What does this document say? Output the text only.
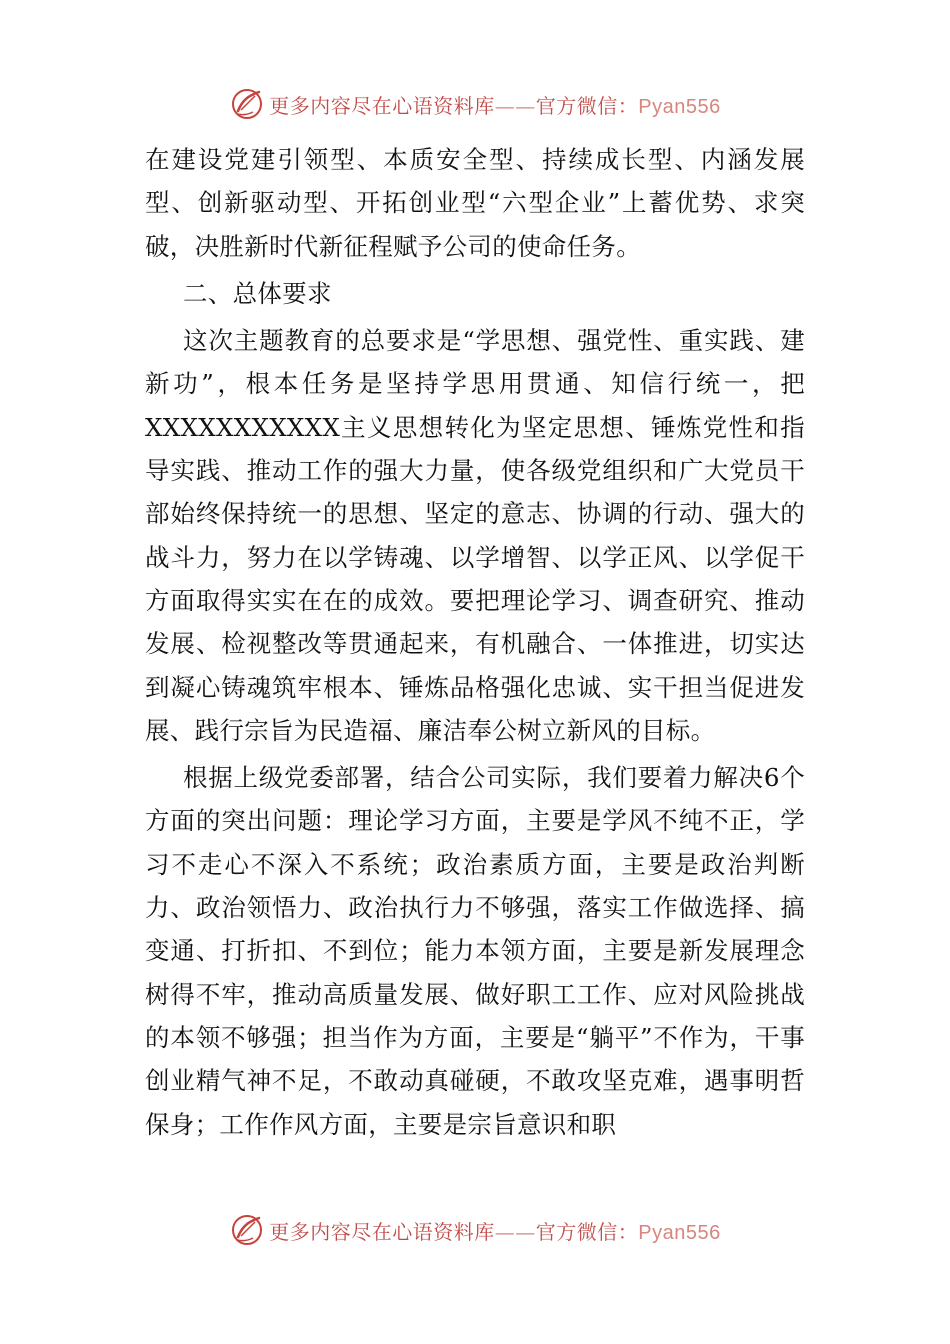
更多内容尽在心语资料库——官方微信：Pyan556

在建设党建引领型、本质安全型、持续成长型、内涵发展型、创新驱动型、开拓创业型“六型企业”上蓄优势、求突破，决胜新时代新征程赋予公司的使命任务。

二、总体要求

这次主题教育的总要求是“学思想、强党性、重实践、建新功”，根本任务是坚持学思用贯通、知信行统一，把XXXXXXXXXXX主义思想转化为坚定思想、锤炼党性和指导实践、推动工作的强大力量，使各级党组织和广大党员干部始终保持统一的思想、坚定的意志、协调的行动、强大的战斗力，努力在以学铸魂、以学增智、以学正风、以学促干方面取得实实在在的成效。要把理论学习、调查研究、推动发展、检视整改等贯通起来，有机融合、一体推进，切实达到凝心铸魂筑牢根本、锤炼品格强化忠诚、实干担当促进发展、践行宗旨为民造福、廉洁奉公树立新风的目标。

根据上级党委部署，结合公司实际，我们要着力解决6个方面的突出问题：理论学习方面，主要是学风不纯不正，学习不走心不深入不系统；政治素质方面，主要是政治判断力、政治领悟力、政治执行力不够强，落实工作做选择、搞变通、打折扣、不到位；能力本领方面，主要是新发展理念树得不牢，推动高质量发展、做好职工工作、应对风险挑战的本领不够强；担当作为方面，主要是“躺平”不作为，干事创业精气神不足，不敢动真碰硬，不敢攻坚克难，遇事明哲保身；工作作风方面，主要是宗旨意识和职

更多内容尽在心语资料库——官方微信：Pyan556
